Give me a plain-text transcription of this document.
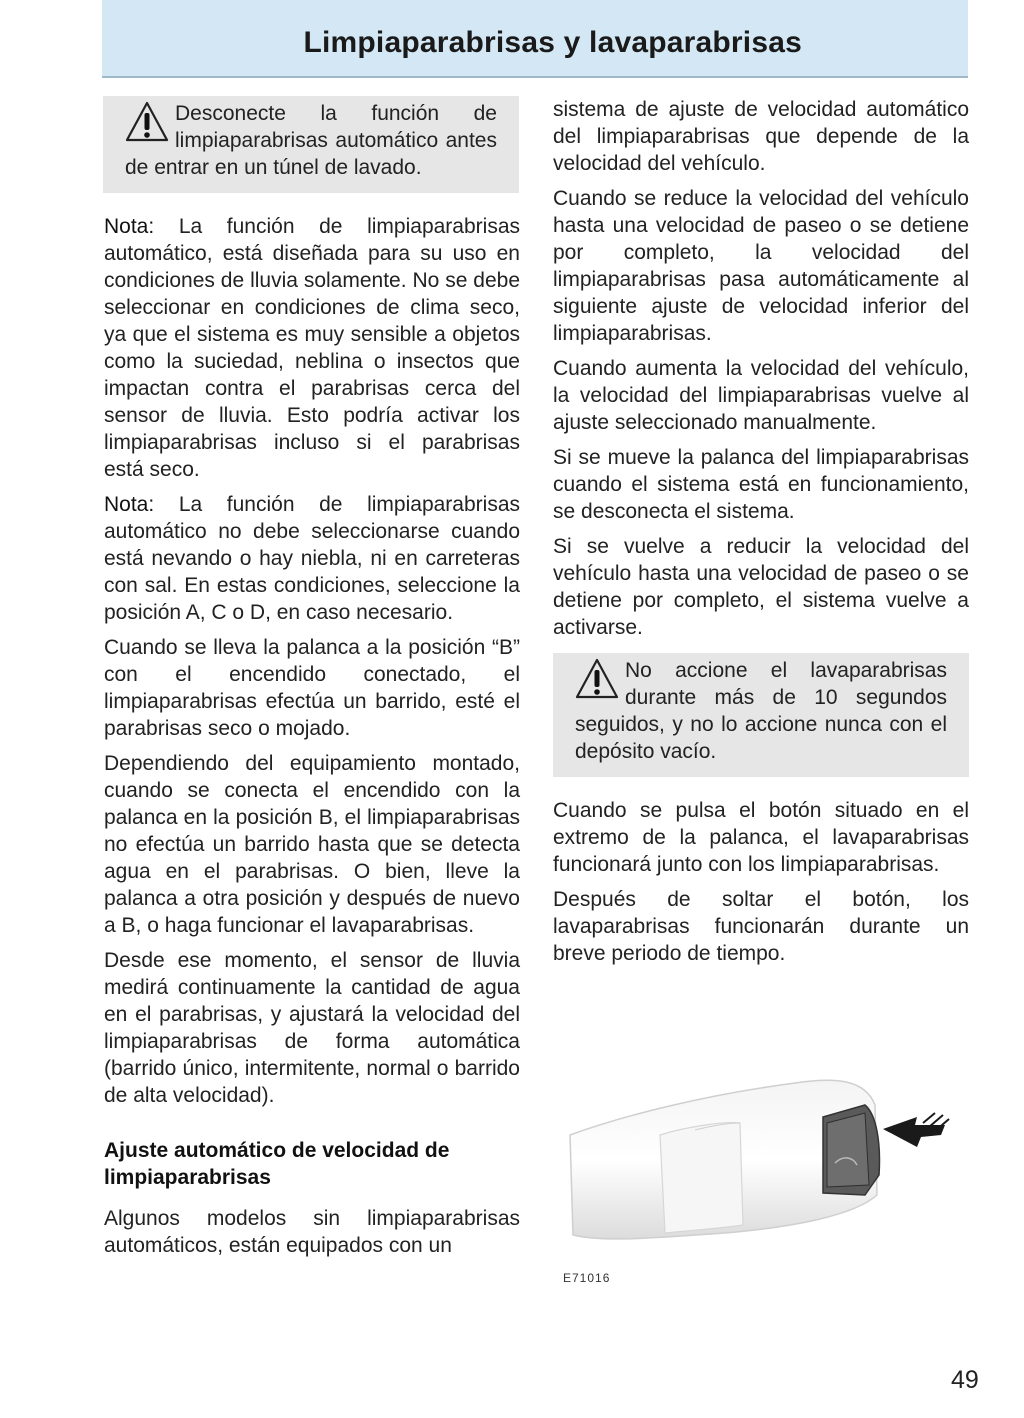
Limpiaparabrisas y lavaparabrisas

Desconecte la función de limpiaparabrisas automático antes de entrar en un túnel de lavado.

Nota: La función de limpiaparabrisas automático, está diseñada para su uso en condiciones de lluvia solamente. No se debe seleccionar en condiciones de clima seco, ya que el sistema es muy sensible a objetos como la suciedad, neblina o insectos que impactan contra el parabrisas cerca del sensor de lluvia. Esto podría activar los limpiaparabrisas incluso si el parabrisas está seco.

Nota: La función de limpiaparabrisas automático no debe seleccionarse cuando está nevando o hay niebla, ni en carreteras con sal. En estas condiciones, seleccione la posición A, C o D, en caso necesario.

Cuando se lleva la palanca a la posición “B” con el encendido conectado, el limpiaparabrisas efectúa un barrido, esté el parabrisas seco o mojado.

Dependiendo del equipamiento montado, cuando se conecta el encendido con la palanca en la posición B, el limpiaparabrisas no efectúa un barrido hasta que se detecta agua en el parabrisas. O bien, lleve la palanca a otra posición y después de nuevo a B, o haga funcionar el lavaparabrisas.

Desde ese momento, el sensor de lluvia medirá continuamente la cantidad de agua en el parabrisas, y ajustará la velocidad del limpiaparabrisas de forma automática (barrido único, intermitente, normal o barrido de alta velocidad).

Ajuste automático de velocidad de limpiaparabrisas

Algunos modelos sin limpiaparabrisas automáticos, están equipados con un

sistema de ajuste de velocidad automático del limpiaparabrisas que depende de la velocidad del vehículo.

Cuando se reduce la velocidad del vehículo hasta una velocidad de paseo o se detiene por completo, la velocidad del limpiaparabrisas pasa automáticamente al siguiente ajuste de velocidad inferior del limpiaparabrisas.

Cuando aumenta la velocidad del vehículo, la velocidad del limpiaparabrisas vuelve al ajuste seleccionado manualmente.

Si se mueve la palanca del limpiaparabrisas cuando el sistema está en funcionamiento, se desconecta el sistema.

Si se vuelve a reducir la velocidad del vehículo hasta una velocidad de paseo o se detiene por completo, el sistema vuelve a activarse.

No accione el lavaparabrisas durante más de 10 segundos seguidos, y no lo accione nunca con el depósito vacío.

Cuando se pulsa el botón situado en el extremo de la palanca, el lavaparabrisas funcionará junto con los limpiaparabrisas.

Después de soltar el botón, los lavaparabrisas funcionarán durante un breve periodo de tiempo.

E71016
49
